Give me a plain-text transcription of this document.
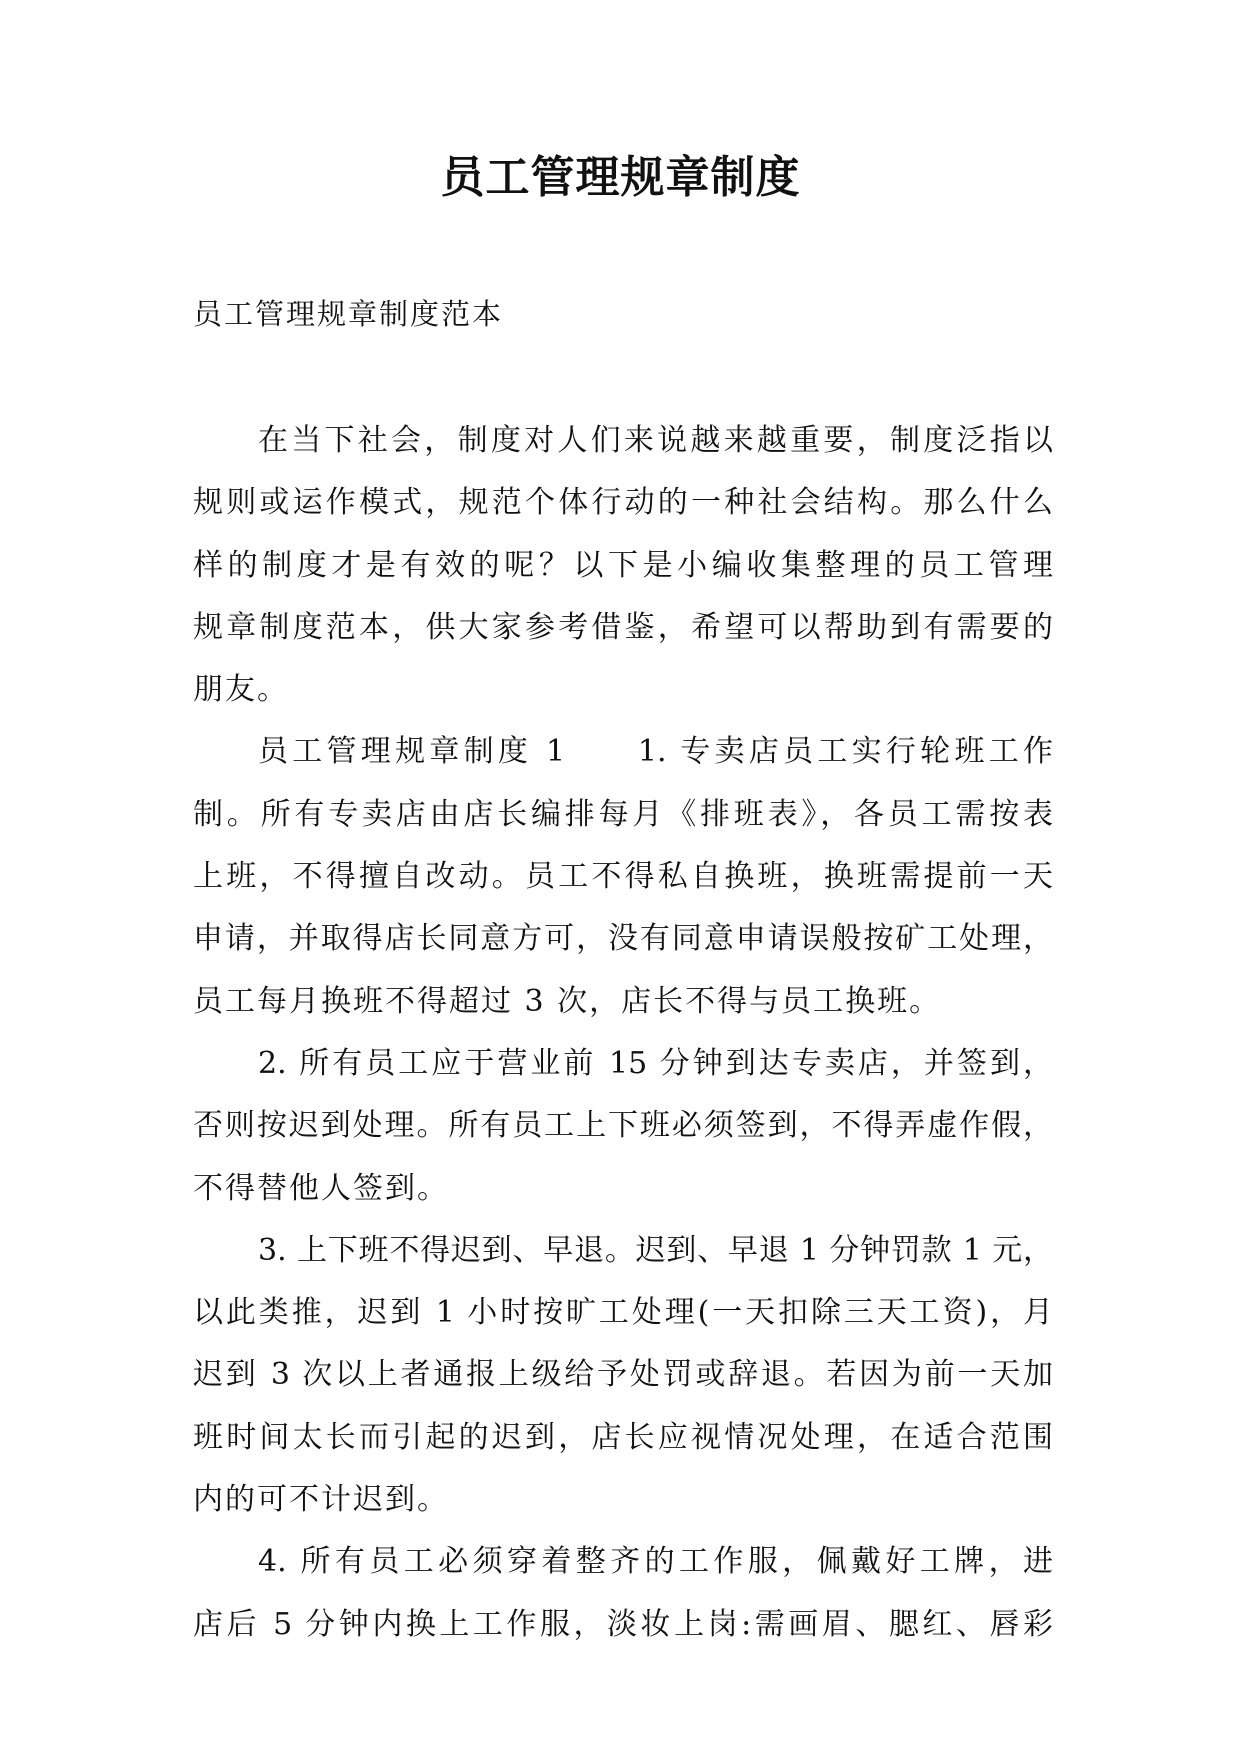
员工管理规章制度

员工管理规章制度范本

在当下社会，制度对人们来说越来越重要，制度泛指以
规则或运作模式，规范个体行动的一种社会结构。那么什么
样的制度才是有效的呢？以下是小编收集整理的员工管理
规章制度范本，供大家参考借鉴，希望可以帮助到有需要的
朋友。
员工管理规章制度 1　　1. 专卖店员工实行轮班工作
制。所有专卖店由店长编排每月《排班表》，各员工需按表
上班，不得擅自改动。员工不得私自换班，换班需提前一天
申请，并取得店长同意方可，没有同意申请误般按矿工处理，
员工每月换班不得超过 3 次，店长不得与员工换班。
2. 所有员工应于营业前 15 分钟到达专卖店，并签到，
否则按迟到处理。所有员工上下班必须签到，不得弄虚作假，
不得替他人签到。
3. 上下班不得迟到、早退。迟到、早退 1 分钟罚款 1 元，
以此类推，迟到 1 小时按旷工处理(一天扣除三天工资)，月
迟到 3 次以上者通报上级给予处罚或辞退。若因为前一天加
班时间太长而引起的迟到，店长应视情况处理，在适合范围
内的可不计迟到。
4. 所有员工必须穿着整齐的工作服，佩戴好工牌，进
店后 5 分钟内换上工作服，淡妆上岗:需画眉、腮红、唇彩
